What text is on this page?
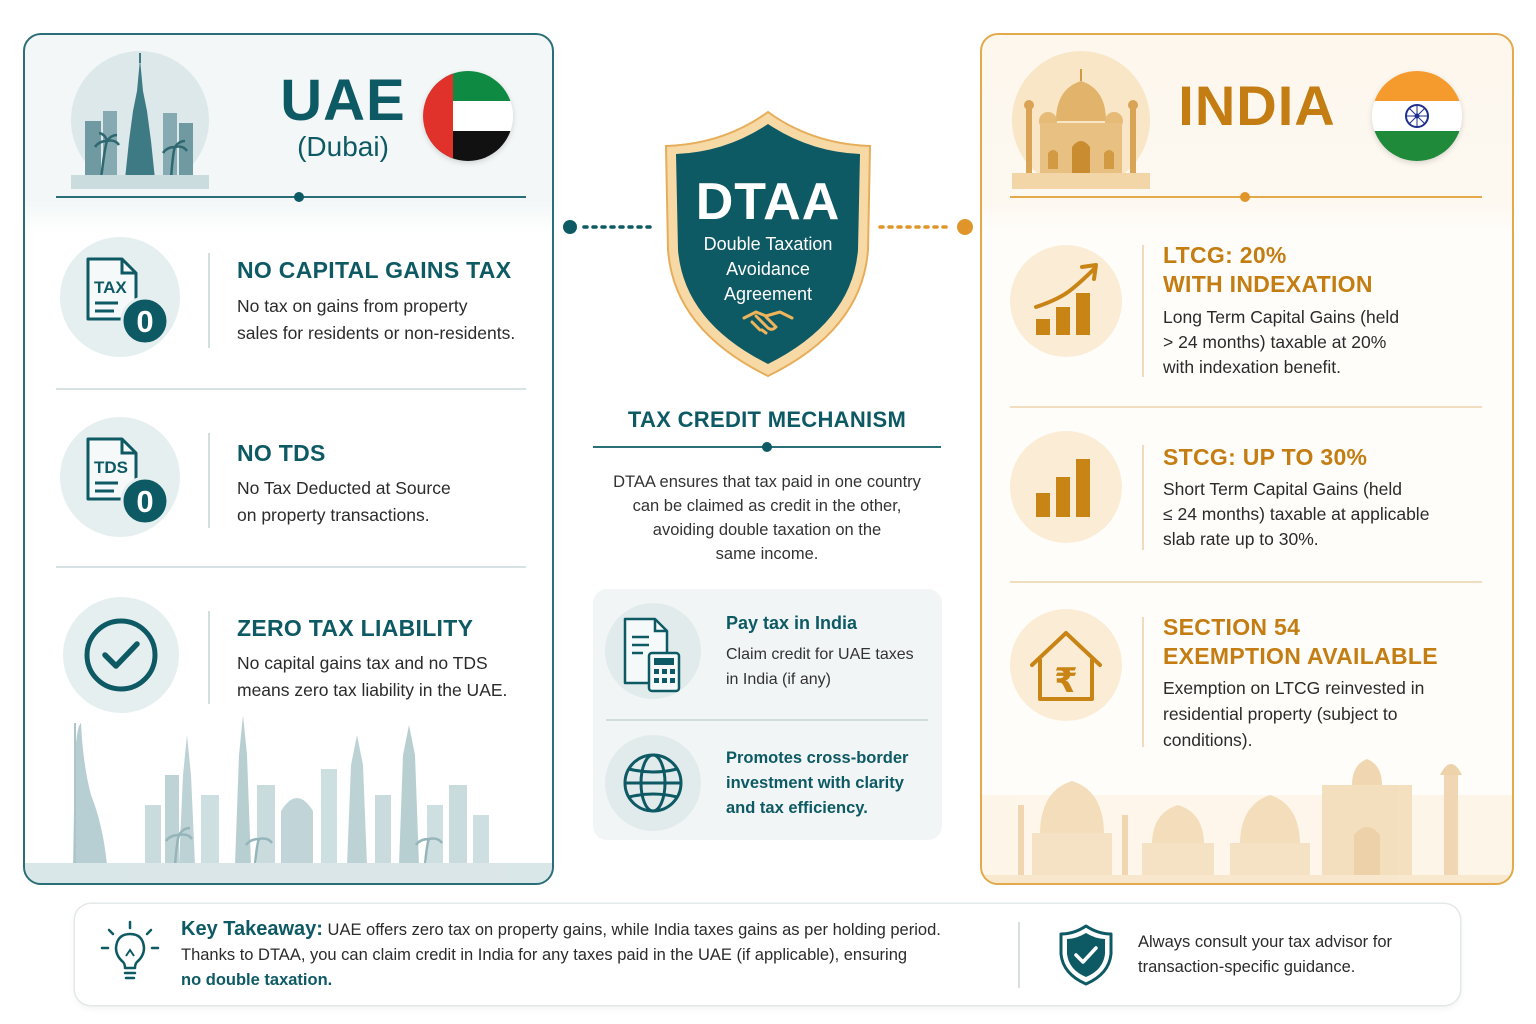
UAE
(Dubai)
TAX
0
NO CAPITAL GAINS TAX
No tax on gains from property
sales for residents or non-residents.
TDS
0
NO TDS
No Tax Deducted at Source
on property transactions.
ZERO TAX LIABILITY
No capital gains tax and no TDS
means zero tax liability in the UAE.
DTAA
Double Taxation
Avoidance
Agreement
TAX CREDIT MECHANISM
DTAA ensures that tax paid in one country
can be claimed as credit in the other,
avoiding double taxation on the
same income.
Pay tax in India
Claim credit for UAE taxes
in India (if any)
Promotes cross-border
investment with clarity
and tax efficiency.
INDIA
LTCG: 20%
WITH INDEXATION
Long Term Capital Gains (held
> 24 months) taxable at 20%
with indexation benefit.
STCG: UP TO 30%
Short Term Capital Gains (held
≤ 24 months) taxable at applicable
slab rate up to 30%.
₹
SECTION 54
EXEMPTION AVAILABLE
Exemption on LTCG reinvested in
residential property (subject to
conditions).
Key Takeaway: UAE offers zero tax on property gains, while India taxes gains as per holding period.
Thanks to DTAA, you can claim credit in India for any taxes paid in the UAE (if applicable), ensuring
no double taxation.
Always consult your tax advisor for
transaction-specific guidance.
